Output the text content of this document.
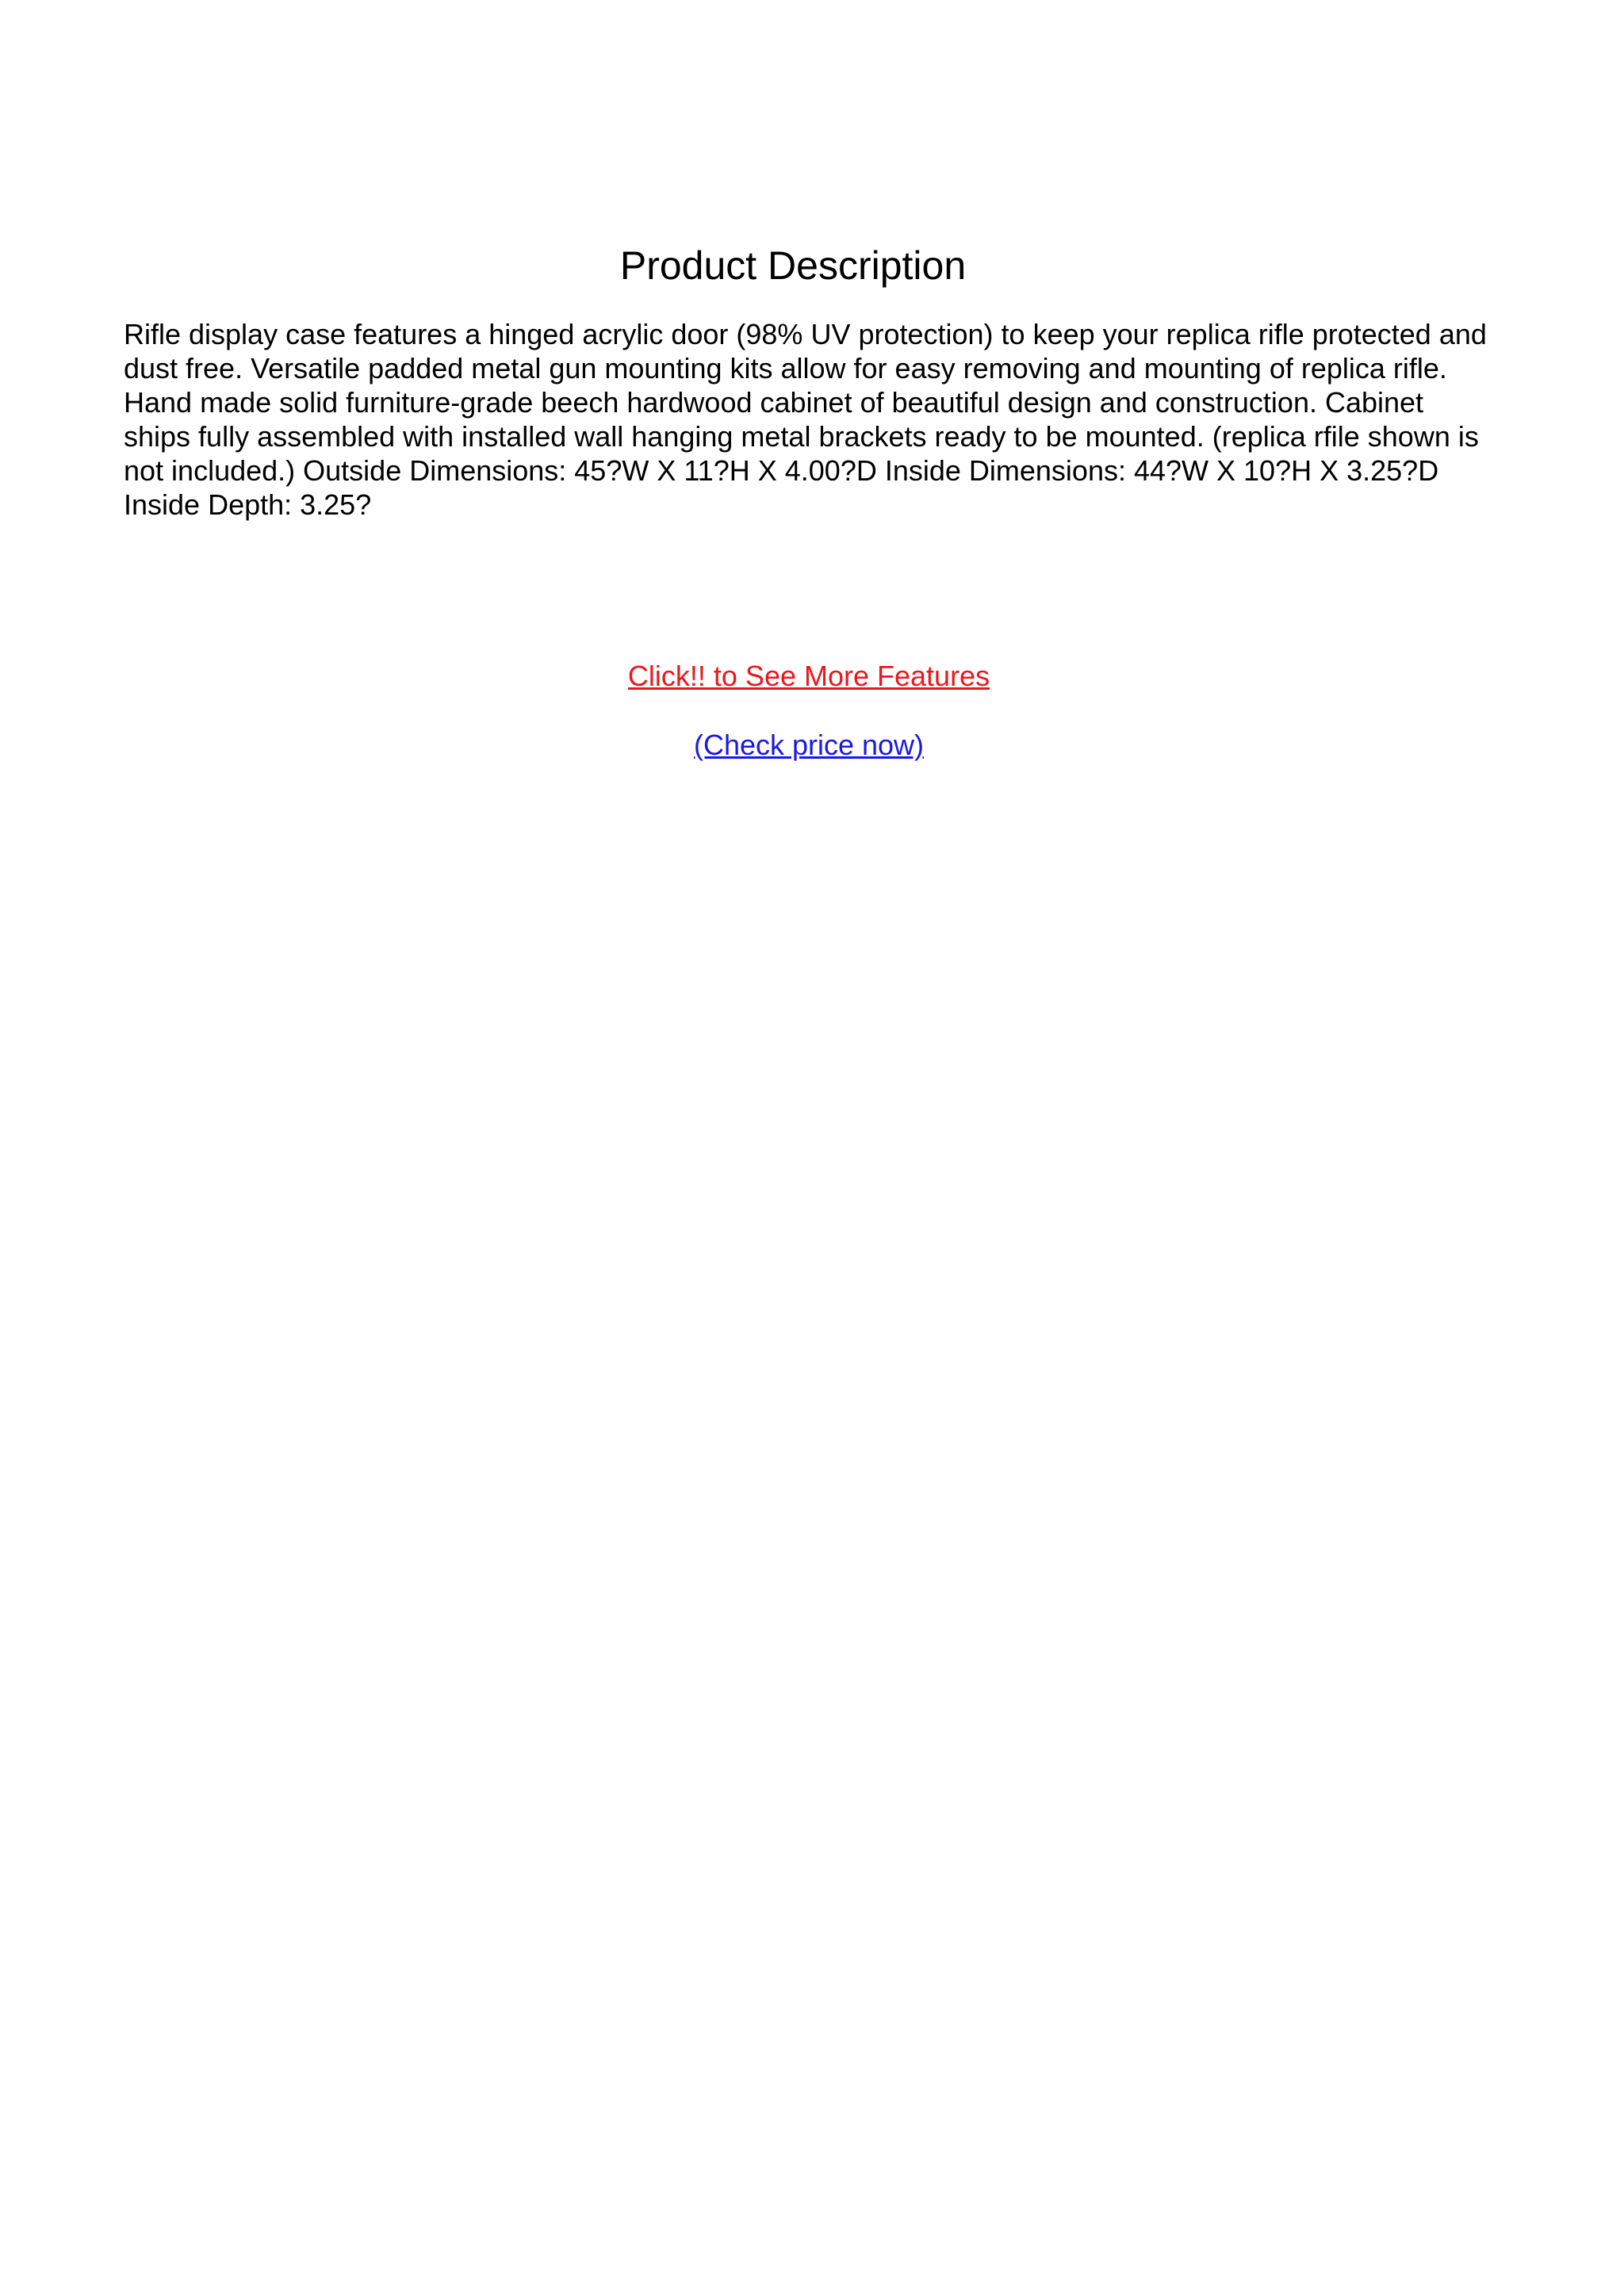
Product Description

Rifle display case features a hinged acrylic door (98% UV protection) to keep your replica rifle protected and dust free. Versatile padded metal gun mounting kits allow for easy removing and mounting of replica rifle. Hand made solid furniture-grade beech hardwood cabinet of beautiful design and construction. Cabinet ships fully assembled with installed wall hanging metal brackets ready to be mounted. (replica rfile shown is not included.) Outside Dimensions: 45?W X 11?H X 4.00?D Inside Dimensions: 44?W X 10?H X 3.25?D Inside Depth: 3.25?

Click!! to See More Features
(Check price now)
